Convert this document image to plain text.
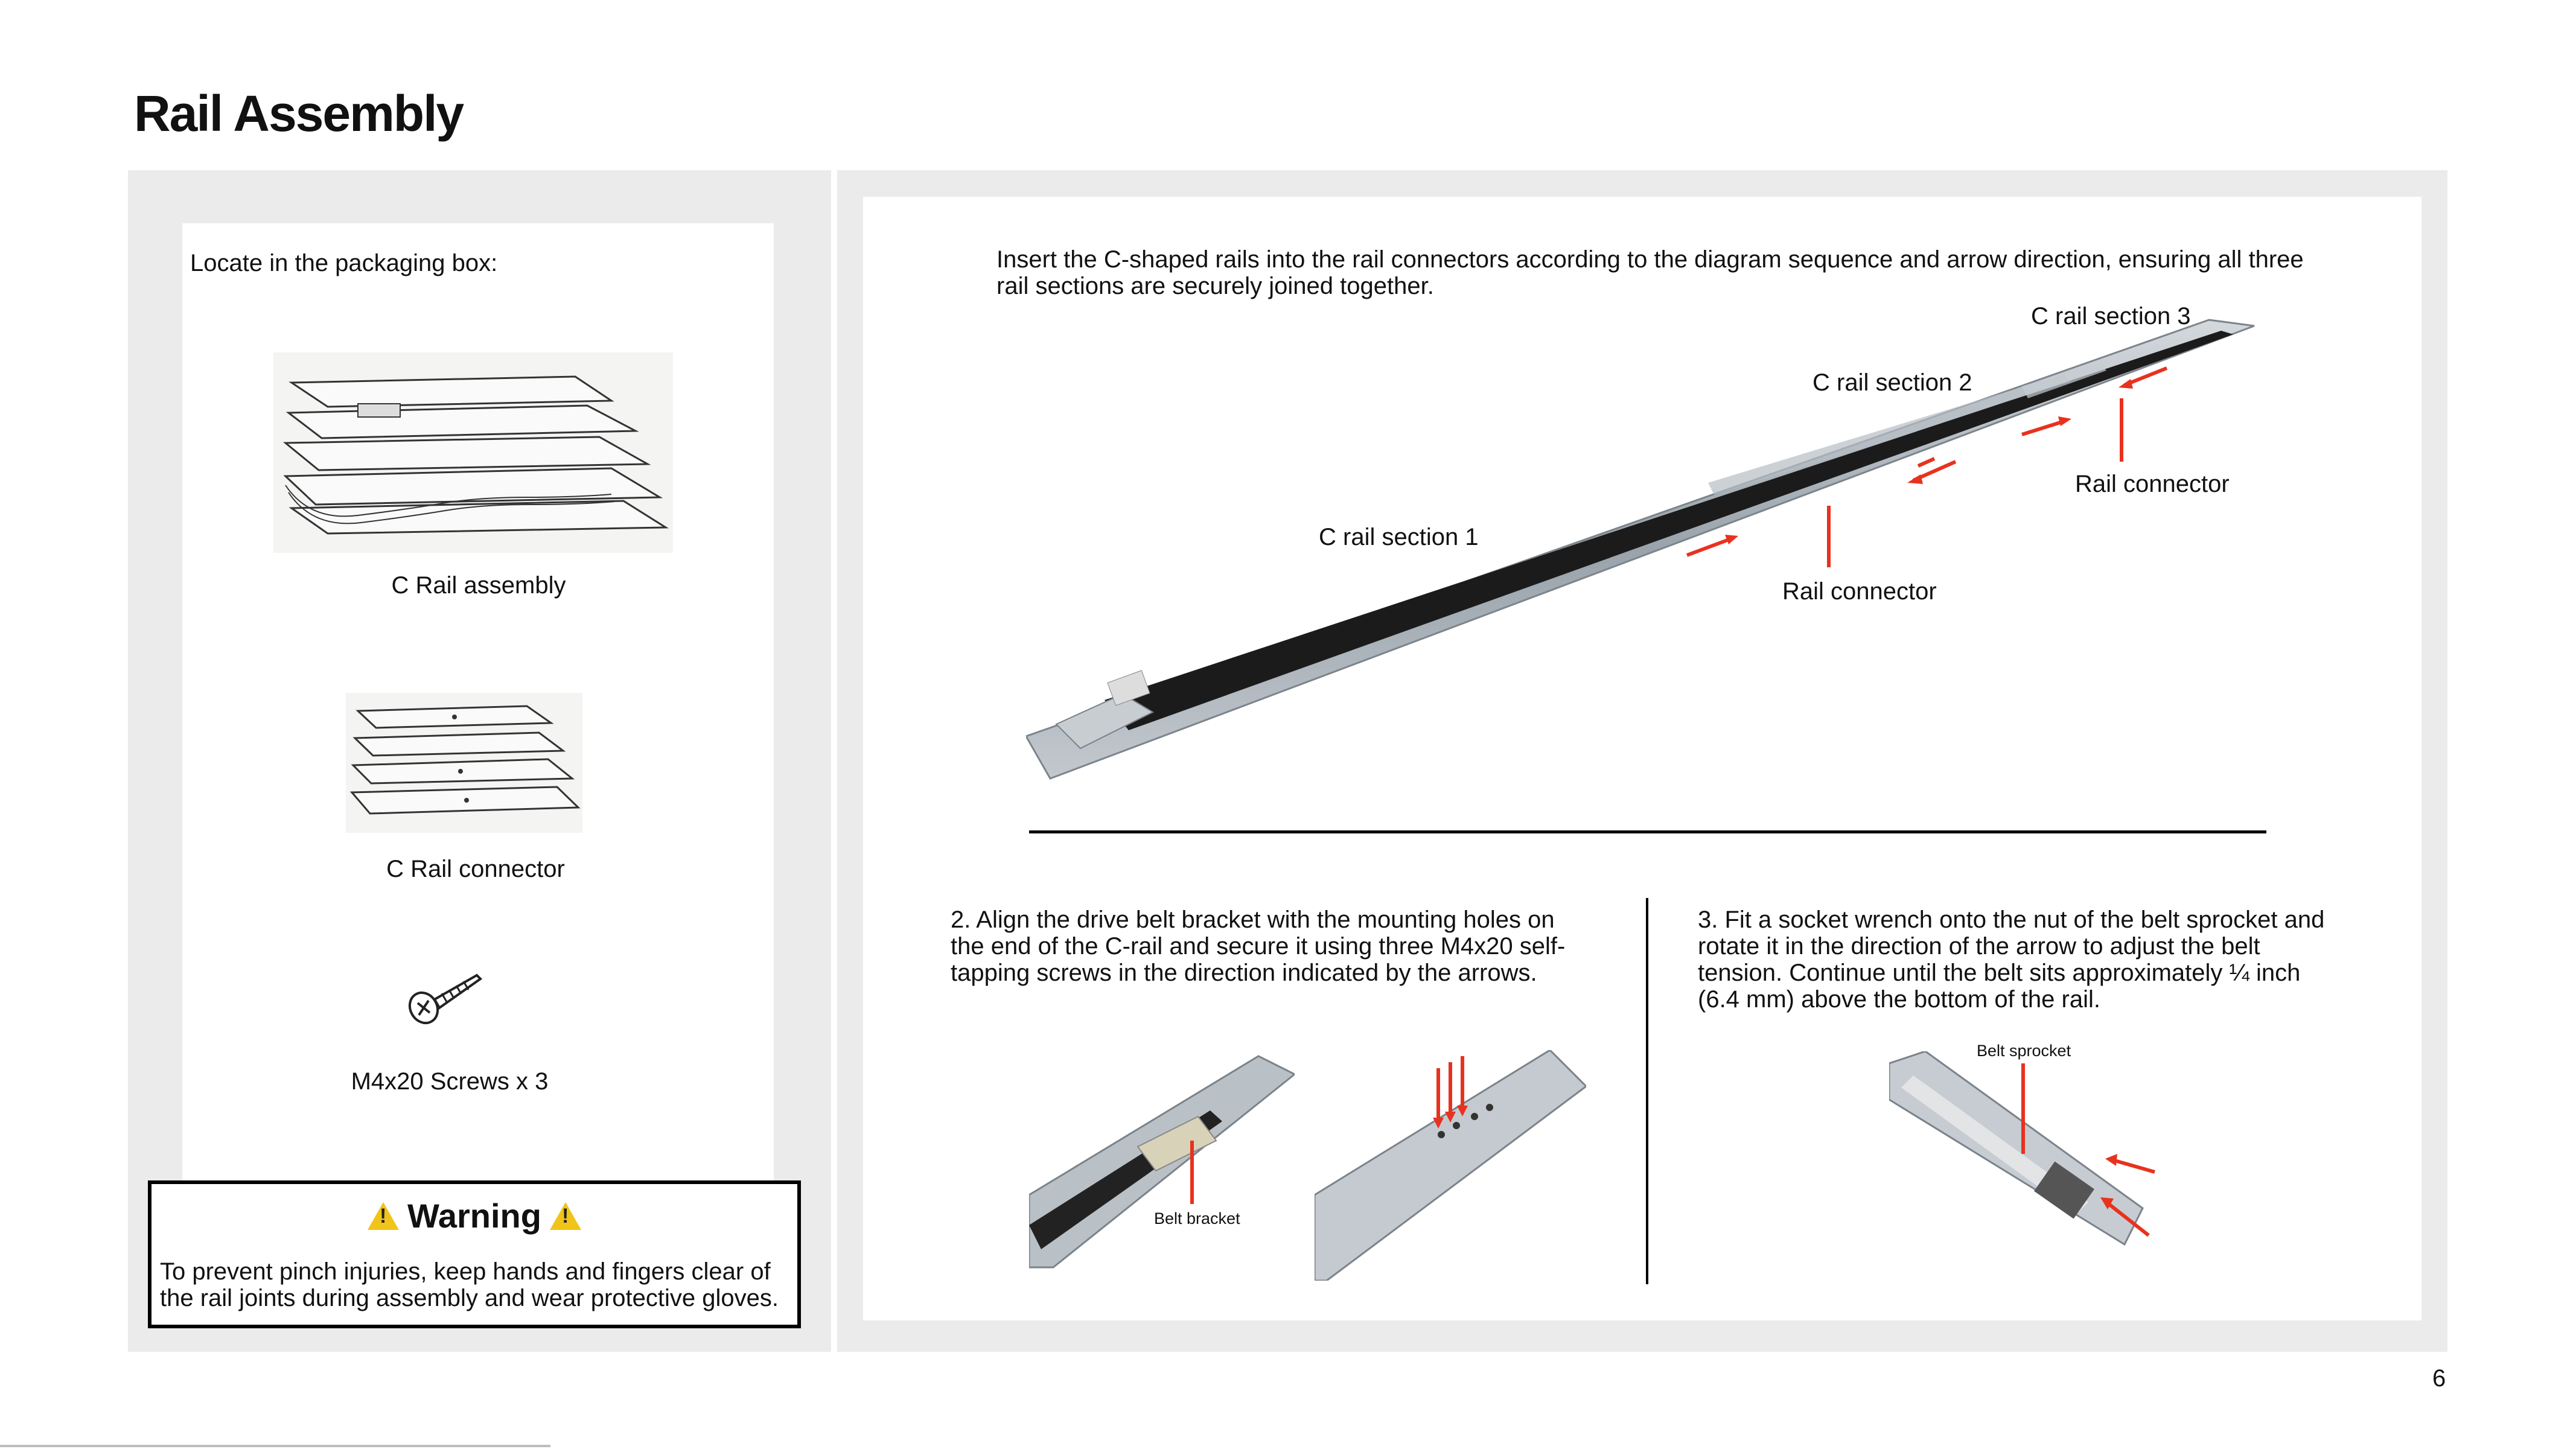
Rail Assembly
Locate in the packaging box:
C Rail assembly
C Rail connector
M4x20 Screws x 3
!
Warning
!
To prevent pinch injuries, keep hands and fingers clear of
the rail joints during assembly and wear protective gloves.
Insert the C-shaped rails into the rail connectors according to the diagram sequence and arrow direction, ensuring all three
rail sections are securely joined together.
C rail section 1
C rail section 2
C rail section 3
Rail connector
Rail connector
2. Align the drive belt bracket with the mounting holes on
the end of the C-rail and secure it using three M4x20 self-
tapping screws in the direction indicated by the arrows.
Belt bracket
3. Fit a socket wrench onto the nut of the belt sprocket and
rotate it in the direction of the arrow to adjust the belt
tension. Continue until the belt sits approximately ¼ inch
(6.4 mm) above the bottom of the rail.
Belt sprocket
6
